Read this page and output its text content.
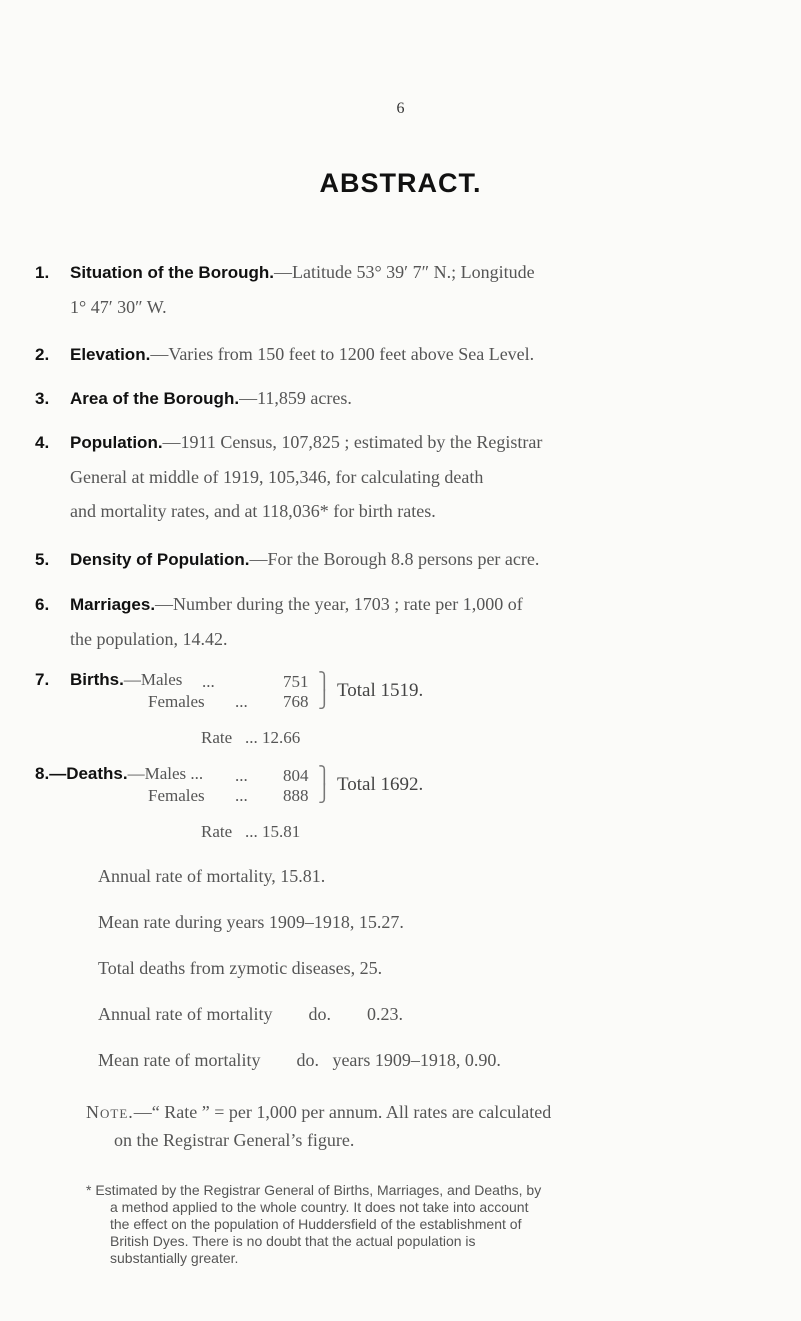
6
ABSTRACT.
1. Situation of the Borough.—Latitude 53° 39′ 7″ N.; Longitude
1° 47′ 30″ W.
2. Elevation.—Varies from 150 feet to 1200 feet above Sea Level.
3. Area of the Borough.—11,859 acres.
4. Population.—1911 Census, 107,825 ; estimated by the Registrar
General at middle of 1919, 105,346, for calculating death
and mortality rates, and at 118,036* for birth rates.
5. Density of Population.—For the Borough 8.8 persons per acre.
6. Marriages.—Number during the year, 1703 ; rate per 1,000 of
the population, 14.42.
7. Births.—Males ...	751
Females ... 768
⎫
⎭ Total 1519.
Rate ... 12.66
8.—Deaths.—Males ... ... 804
Females ... 888
⎫
⎭ Total 1692.
Rate ... 15.81
Annual rate of mortality, 15.81.
Mean rate during years 1909–1918, 15.27.
Total deaths from zymotic diseases, 25.
Annual rate of mortality        do.        0.23.
Mean rate of mortality        do.   years 1909–1918, 0.90.
Note.—“ Rate ” = per 1,000 per annum. All rates are calculated
on the Registrar General’s figure.
* Estimated by the Registrar General of Births, Marriages, and Deaths, by
a method applied to the whole country. It does not take into account
the effect on the population of Huddersfield of the establishment of
British Dyes. There is no doubt that the actual population is
substantially greater.
